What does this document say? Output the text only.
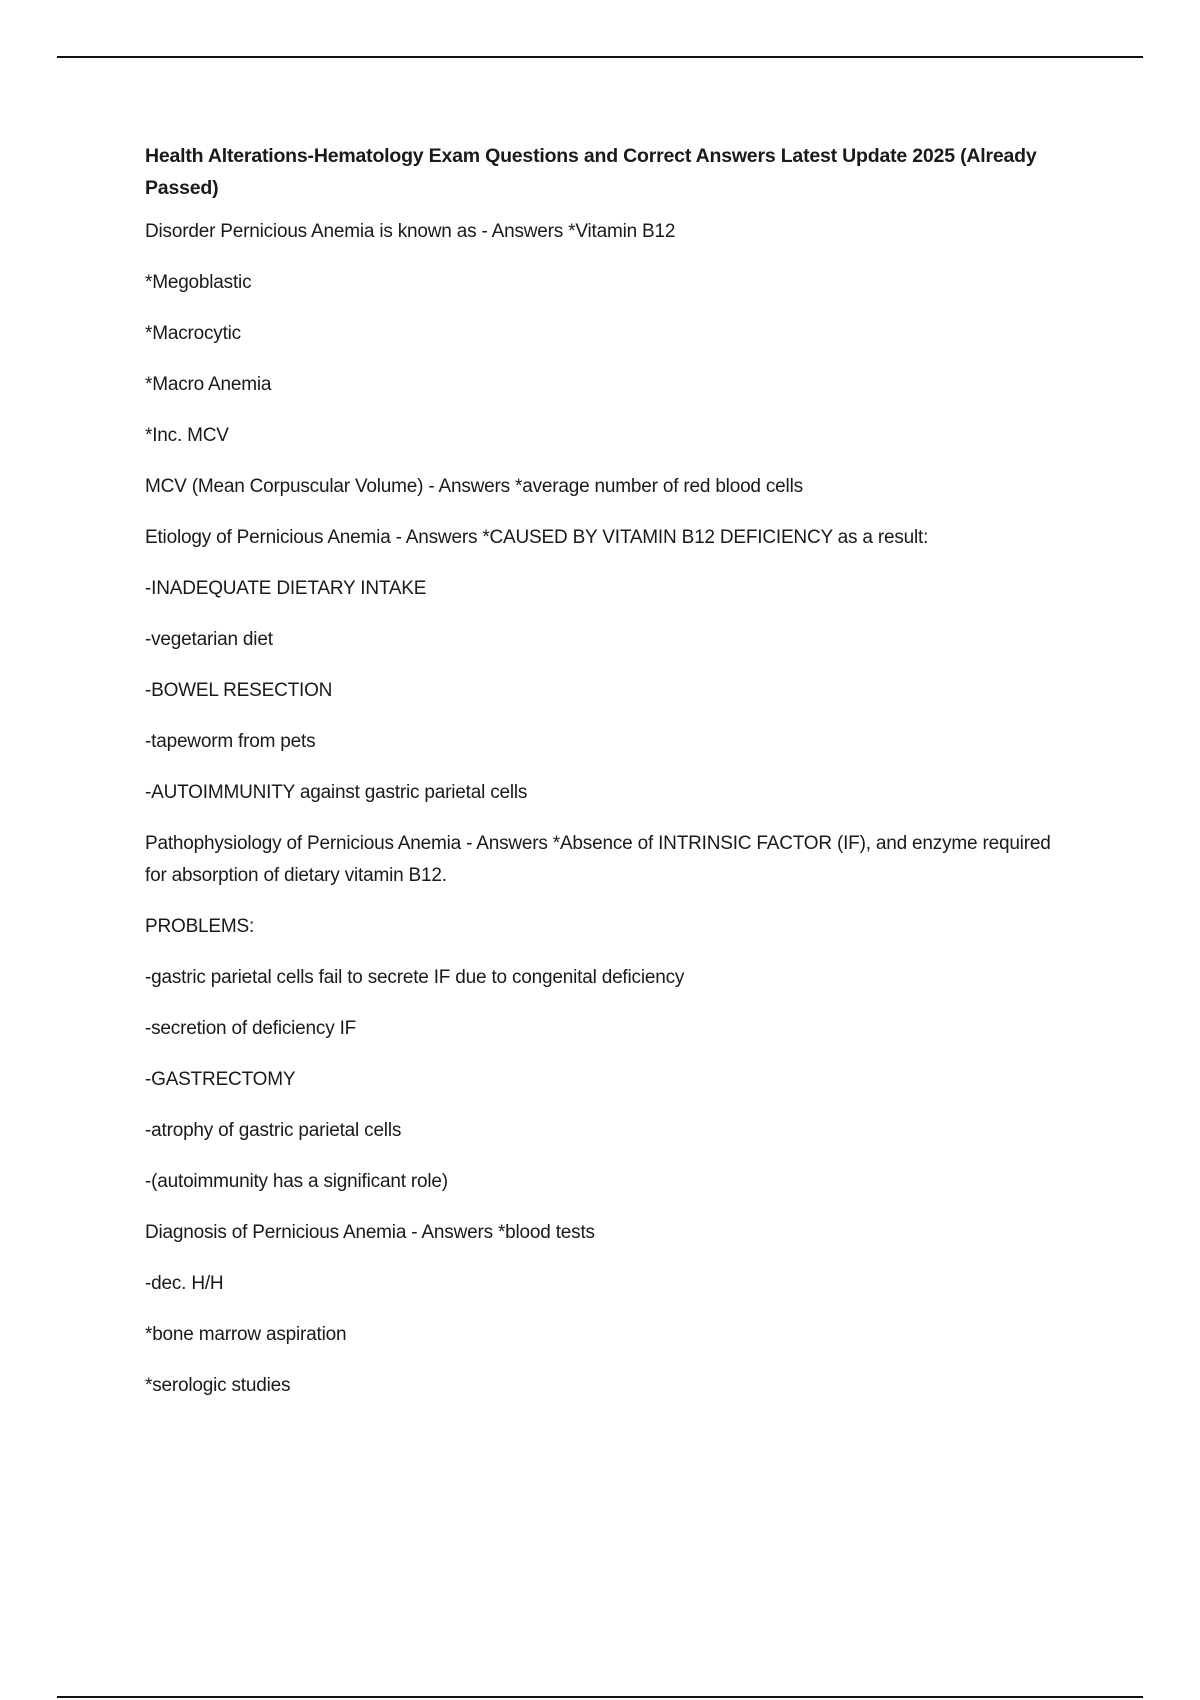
Health Alterations-Hematology Exam Questions and Correct Answers Latest Update 2025 (Already Passed)

Disorder Pernicious Anemia is known as - Answers *Vitamin B12

*Megoblastic

*Macrocytic

*Macro Anemia

*Inc. MCV

MCV (Mean Corpuscular Volume) - Answers *average number of red blood cells

Etiology of Pernicious Anemia - Answers *CAUSED BY VITAMIN B12 DEFICIENCY as a result:

-INADEQUATE DIETARY INTAKE

-vegetarian diet

-BOWEL RESECTION

-tapeworm from pets

-AUTOIMMUNITY against gastric parietal cells

Pathophysiology of Pernicious Anemia - Answers *Absence of INTRINSIC FACTOR (IF), and enzyme required for absorption of dietary vitamin B12.

PROBLEMS:

-gastric parietal cells fail to secrete IF due to congenital deficiency

-secretion of deficiency IF

-GASTRECTOMY

-atrophy of gastric parietal cells

-(autoimmunity has a significant role)

Diagnosis of Pernicious Anemia - Answers *blood tests

-dec. H/H

*bone marrow aspiration

*serologic studies
